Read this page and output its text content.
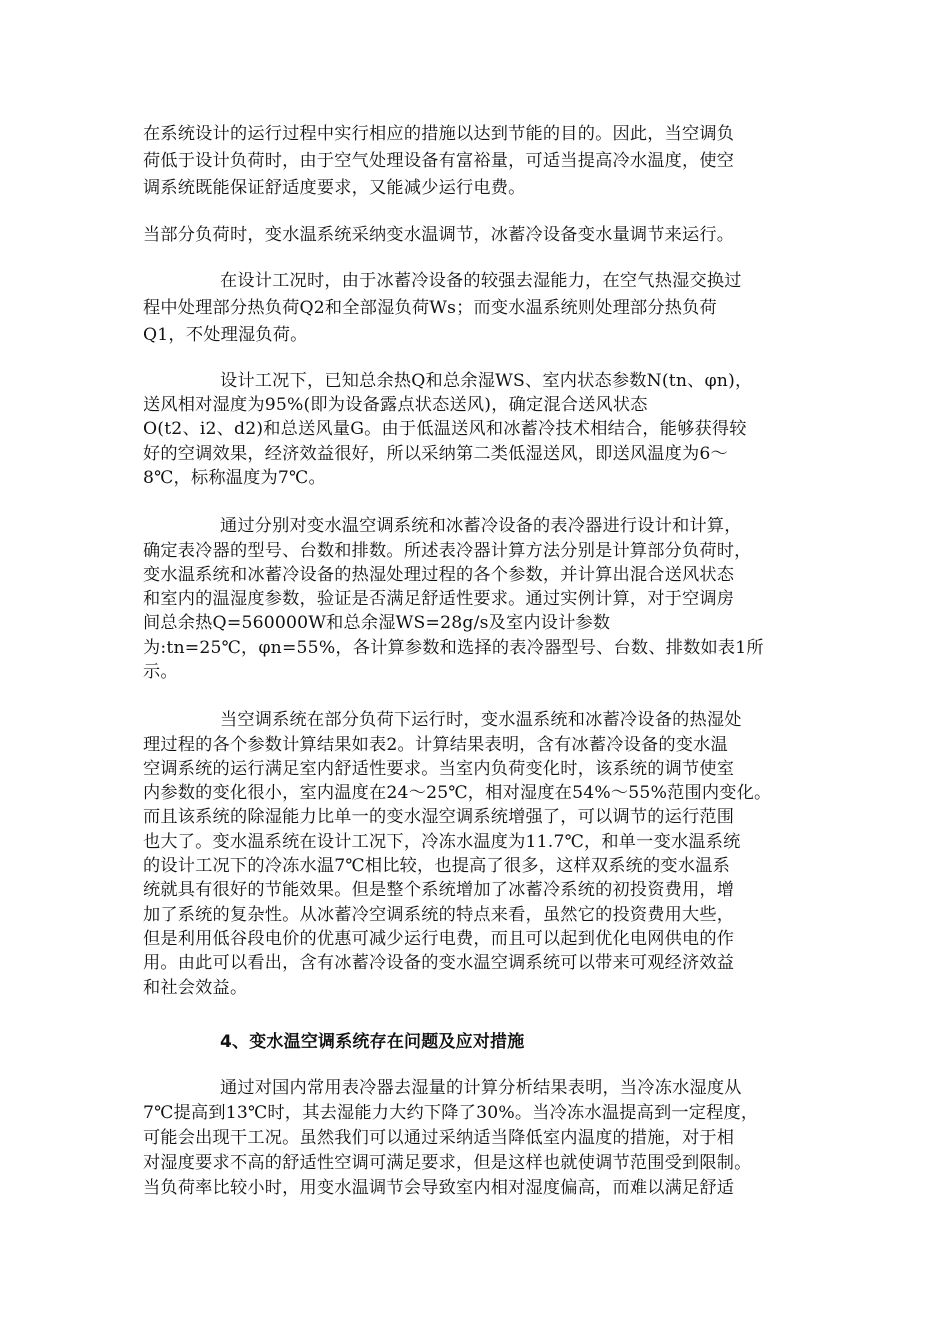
在系统设计的运行过程中实行相应的措施以达到节能的目的。因此，当空调负
荷低于设计负荷时，由于空气处理设备有富裕量，可适当提高冷水温度，使空
调系统既能保证舒适度要求，又能减少运行电费。
当部分负荷时，变水温系统采纳变水温调节，冰蓄冷设备变水量调节来运行。
在设计工况时，由于冰蓄冷设备的较强去湿能力，在空气热湿交换过
程中处理部分热负荷Q2和全部湿负荷Ws；而变水温系统则处理部分热负荷
Q1，不处理湿负荷。
设计工况下，已知总余热Q和总余湿WS、室内状态参数N(tn、φn)，
送风相对湿度为95%(即为设备露点状态送风)，确定混合送风状态
O(t2、i2、d2)和总送风量G。由于低温送风和冰蓄冷技术相结合，能够获得较
好的空调效果，经济效益很好，所以采纳第二类低湿送风，即送风温度为6～
8℃，标称温度为7℃。
通过分别对变水温空调系统和冰蓄冷设备的表冷器进行设计和计算，
确定表冷器的型号、台数和排数。所述表冷器计算方法分别是计算部分负荷时，
变水温系统和冰蓄冷设备的热湿处理过程的各个参数，并计算出混合送风状态
和室内的温湿度参数，验证是否满足舒适性要求。通过实例计算，对于空调房
间总余热Q=560000W和总余湿WS=28g/s及室内设计参数
为:tn=25℃，φn=55%，各计算参数和选择的表冷器型号、台数、排数如表1所
示。
当空调系统在部分负荷下运行时，变水温系统和冰蓄冷设备的热湿处
理过程的各个参数计算结果如表2。计算结果表明，含有冰蓄冷设备的变水温
空调系统的运行满足室内舒适性要求。当室内负荷变化时，该系统的调节使室
内参数的变化很小，室内温度在24～25℃，相对湿度在54%～55%范围内变化。
而且该系统的除湿能力比单一的变水湿空调系统增强了，可以调节的运行范围
也大了。变水温系统在设计工况下，冷冻水温度为11.7℃，和单一变水温系统
的设计工况下的冷冻水温7℃相比较，也提高了很多，这样双系统的变水温系
统就具有很好的节能效果。但是整个系统增加了冰蓄冷系统的初投资费用，增
加了系统的复杂性。从冰蓄冷空调系统的特点来看，虽然它的投资费用大些，
但是利用低谷段电价的优惠可减少运行电费，而且可以起到优化电网供电的作
用。由此可以看出，含有冰蓄冷设备的变水温空调系统可以带来可观经济效益
和社会效益。
4、变水温空调系统存在问题及应对措施
通过对国内常用表冷器去湿量的计算分析结果表明，当冷冻水湿度从
7℃提高到13℃时，其去湿能力大约下降了30%。当冷冻水温提高到一定程度，
可能会出现干工况。虽然我们可以通过采纳适当降低室内温度的措施，对于相
对湿度要求不高的舒适性空调可满足要求，但是这样也就使调节范围受到限制。
当负荷率比较小时，用变水温调节会导致室内相对湿度偏高，而难以满足舒适
